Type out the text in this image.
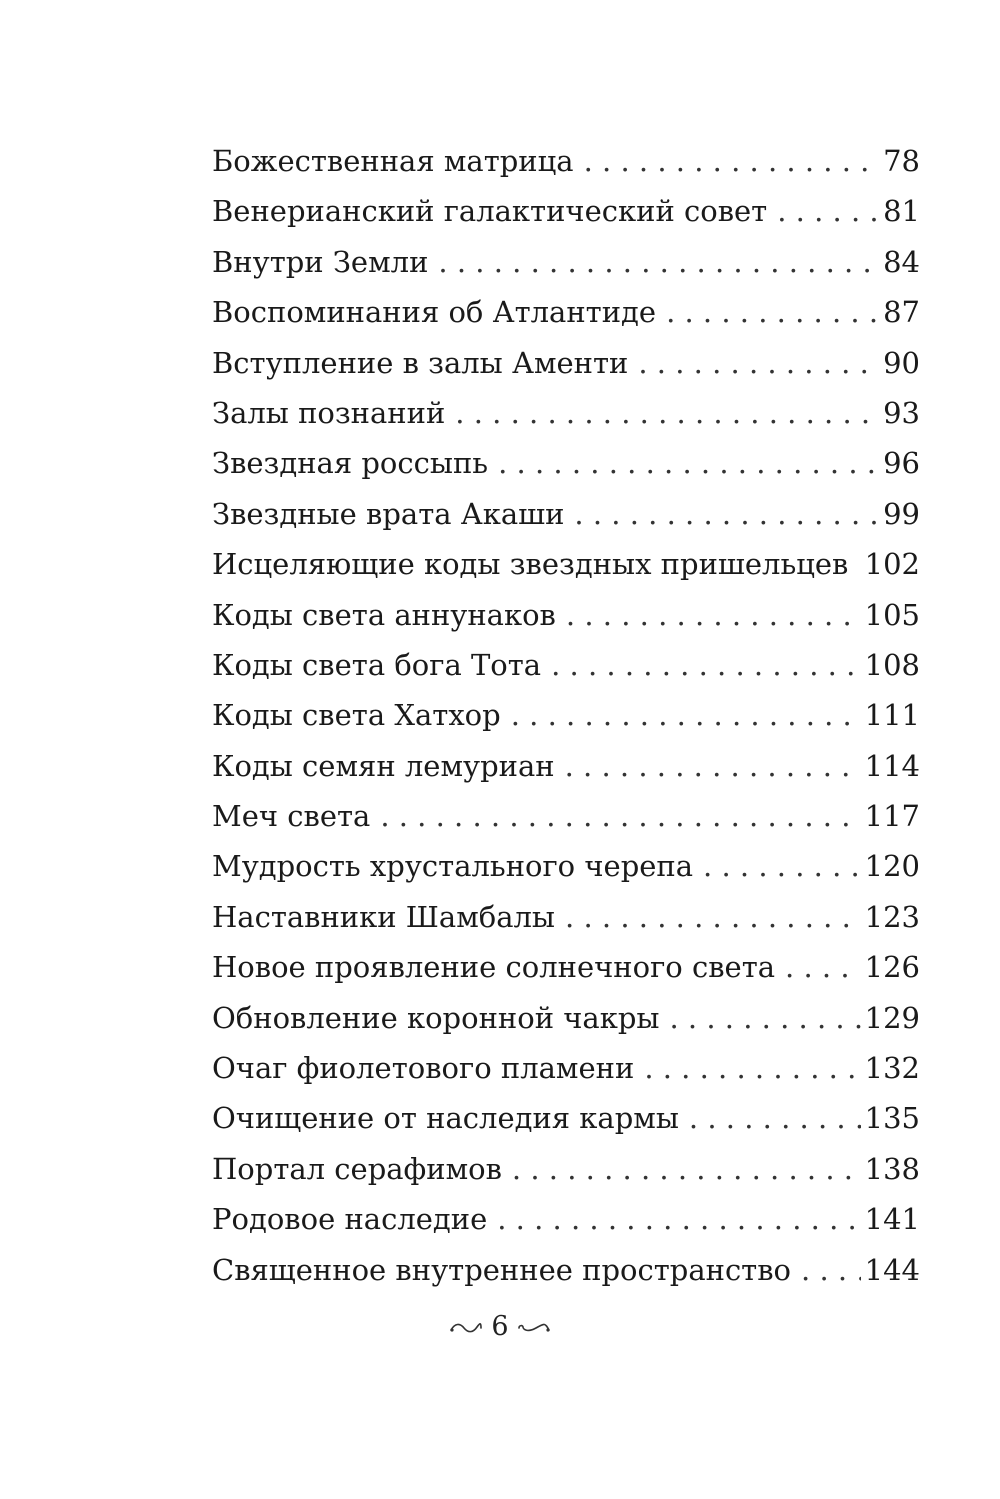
Божественная матрица . . .	78
Венерианский галактический совет . . .	81
Внутри Земли . . .	84
Воспоминания об Атлантиде . . .	87
Вступление в залы Аменти . . .	90
Залы познаний . . .	93
Звездная россыпь . . .	96
Звездные врата Акаши . . .	99
Исцеляющие коды звездных пришельцев . . . 102
Коды света аннунаков . . .	105
Коды света бога Тота . . .	108
Коды света Хатхор . . .	111
Коды семян лемуриан . . .	114
Меч света . . .	117
Мудрость хрустального черепа . . .	120
Наставники Шамбалы . . .	123
Новое проявление солнечного света . . .	126
Обновление коронной чакры . . .	129
Очаг фиолетового пламени . . .	132
Очищение от наследия кармы . . .	135
Портал серафимов . . .	138
Родовое наследие . . .	141
Священное внутреннее пространство . . .	144
6
